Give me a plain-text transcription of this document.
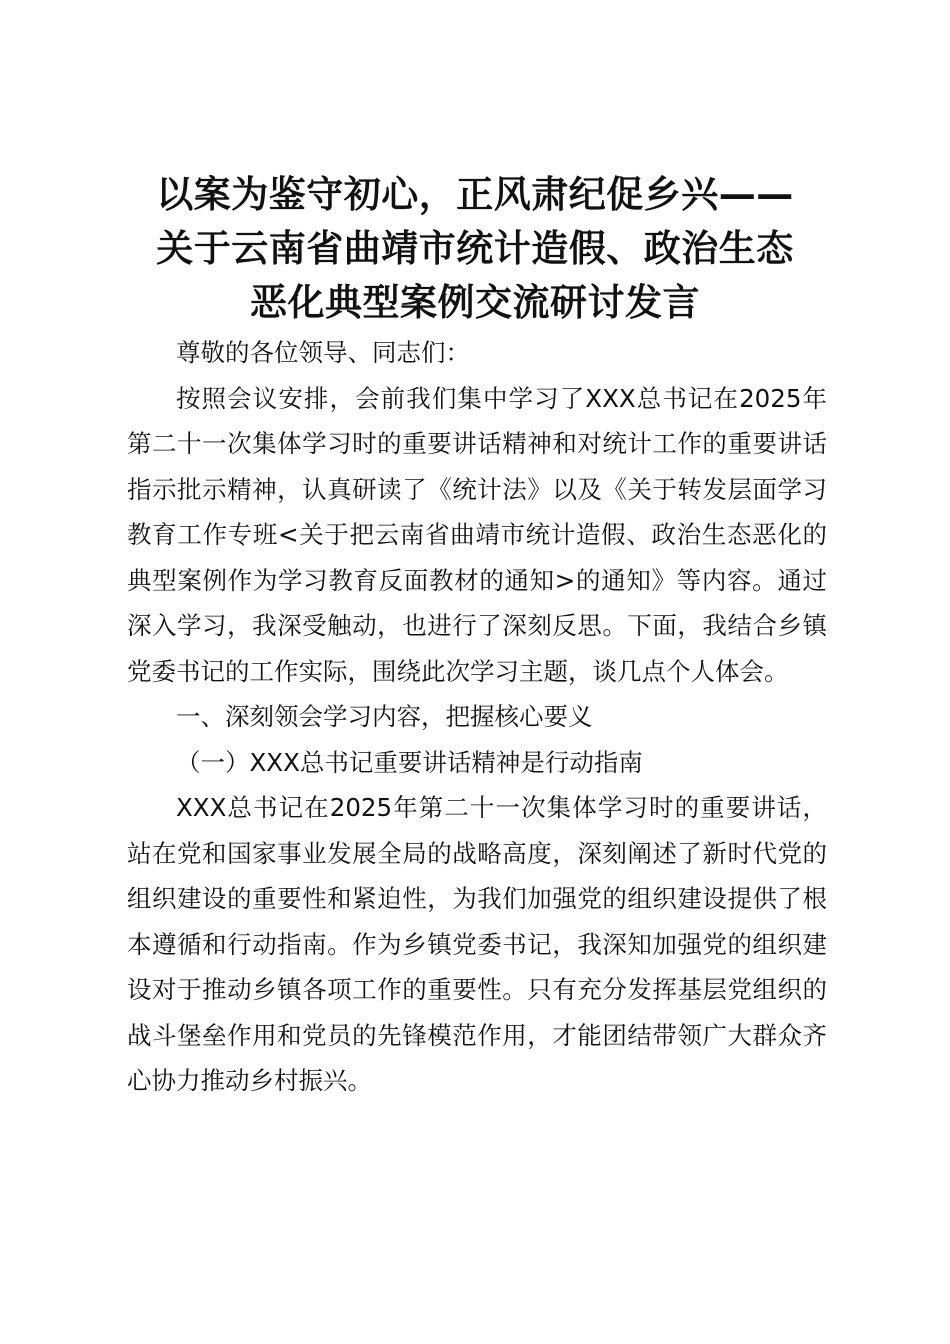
以案为鉴守初心，正风肃纪促乡兴——
关于云南省曲靖市统计造假、政治生态
恶化典型案例交流研讨发言

尊敬的各位领导、同志们：

按照会议安排，会前我们集中学习了XXX总书记在2025年第二十一次集体学习时的重要讲话精神和对统计工作的重要讲话指示批示精神，认真研读了《统计法》以及《关于转发层面学习教育工作专班<关于把云南省曲靖市统计造假、政治生态恶化的典型案例作为学习教育反面教材的通知>的通知》等内容。通过深入学习，我深受触动，也进行了深刻反思。下面，我结合乡镇党委书记的工作实际，围绕此次学习主题，谈几点个人体会。

一、深刻领会学习内容，把握核心要义

（一）XXX总书记重要讲话精神是行动指南

XXX总书记在2025年第二十一次集体学习时的重要讲话，站在党和国家事业发展全局的战略高度，深刻阐述了新时代党的组织建设的重要性和紧迫性，为我们加强党的组织建设提供了根本遵循和行动指南。作为乡镇党委书记，我深知加强党的组织建设对于推动乡镇各项工作的重要性。只有充分发挥基层党组织的战斗堡垒作用和党员的先锋模范作用，才能团结带领广大群众齐心协力推动乡村振兴。
